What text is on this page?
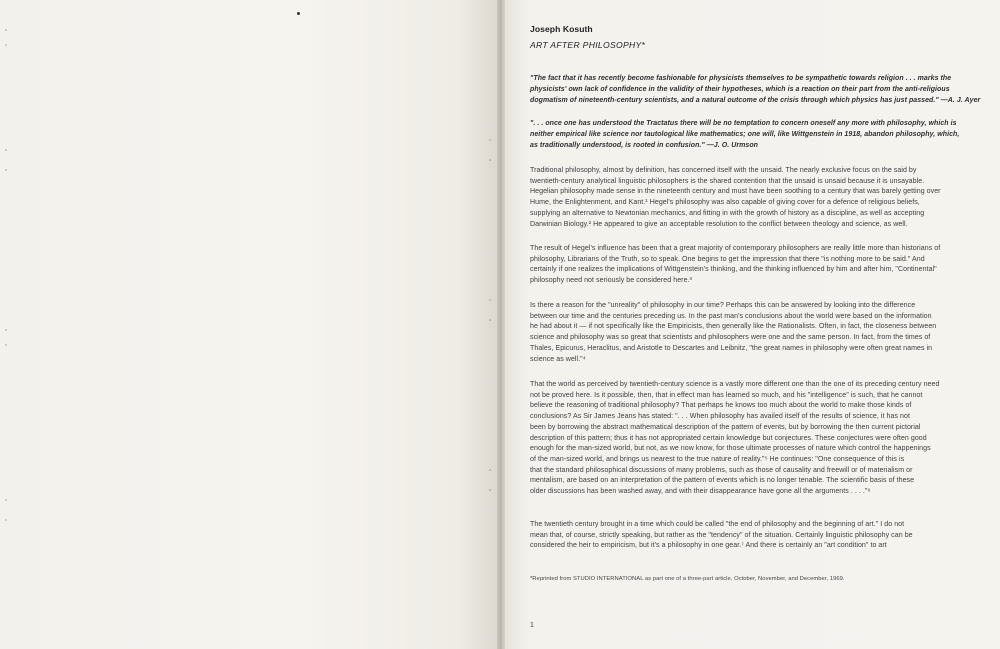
Joseph Kosuth
ART AFTER PHILOSOPHY*
"The fact that it has recently become fashionable for physicists themselves to be sympathetic towards religion . . . marks the
physicists' own lack of confidence in the validity of their hypotheses, which is a reaction on their part from the anti-religious
dogmatism of nineteenth-century scientists, and a natural outcome of the crisis through which physics has just passed." —A. J. Ayer
". . . once one has understood the Tractatus there will be no temptation to concern oneself any more with philosophy, which is
neither empirical like science nor tautological like mathematics; one will, like Wittgenstein in 1918, abandon philosophy, which,
as traditionally understood, is rooted in confusion." —J. O. Urmson
Traditional philosophy, almost by definition, has concerned itself with the unsaid. The nearly exclusive focus on the said by
twentieth-century analytical linguistic philosophers is the shared contention that the unsaid is unsaid because it is unsayable.
Hegelian philosophy made sense in the nineteenth century and must have been soothing to a century that was barely getting over
Hume, the Enlightenment, and Kant.¹ Hegel's philosophy was also capable of giving cover for a defence of religious beliefs,
supplying an alternative to Newtonian mechanics, and fitting in with the growth of history as a discipline, as well as accepting
Darwinian Biology.² He appeared to give an acceptable resolution to the conflict between theology and science, as well.
The result of Hegel's influence has been that a great majority of contemporary philosophers are really little more than historians of
philosophy, Librarians of the Truth, so to speak. One begins to get the impression that there "is nothing more to be said." And
certainly if one realizes the implications of Wittgenstein's thinking, and the thinking influenced by him and after him, "Continental"
philosophy need not seriously be considered here.³
Is there a reason for the "unreality" of philosophy in our time? Perhaps this can be answered by looking into the difference
between our time and the centuries preceding us. In the past man's conclusions about the world were based on the information
he had about it — if not specifically like the Empiricists, then generally like the Rationalists. Often, in fact, the closeness between
science and philosophy was so great that scientists and philosophers were one and the same person. In fact, from the times of
Thales, Epicurus, Heraclitus, and Aristotle to Descartes and Leibnitz, "the great names in philosophy were often great names in
science as well."⁴
That the world as perceived by twentieth-century science is a vastly more different one than the one of its preceding century need
not be proved here. Is it possible, then, that in effect man has learned so much, and his "intelligence" is such, that he cannot
believe the reasoning of traditional philosophy? That perhaps he knows too much about the world to make those kinds of
conclusions? As Sir James Jeans has stated: ". . . When philosophy has availed itself of the results of science, it has not
been by borrowing the abstract mathematical description of the pattern of events, but by borrowing the then current pictorial
description of this pattern; thus it has not appropriated certain knowledge but conjectures. These conjectures were often good
enough for the man-sized world, but not, as we now know, for those ultimate processes of nature which control the happenings
of the man-sized world, and brings us nearest to the true nature of reality."⁵ He continues: "One consequence of this is
that the standard philosophical discussions of many problems, such as those of causality and freewill or of materialism or
mentalism, are based on an interpretation of the pattern of events which is no longer tenable. The scientific basis of these
older discussions has been washed away, and with their disappearance have gone all the arguments . . . ."⁶
The twentieth century brought in a time which could be called "the end of philosophy and the beginning of art." I do not
mean that, of course, strictly speaking, but rather as the "tendency" of the situation. Certainly linguistic philosophy can be
considered the heir to empiricism, but it's a philosophy in one gear.⁷ And there is certainly an "art condition" to art
*Reprinted from STUDIO INTERNATIONAL as part one of a three-part article, October, November, and December, 1969.
1
